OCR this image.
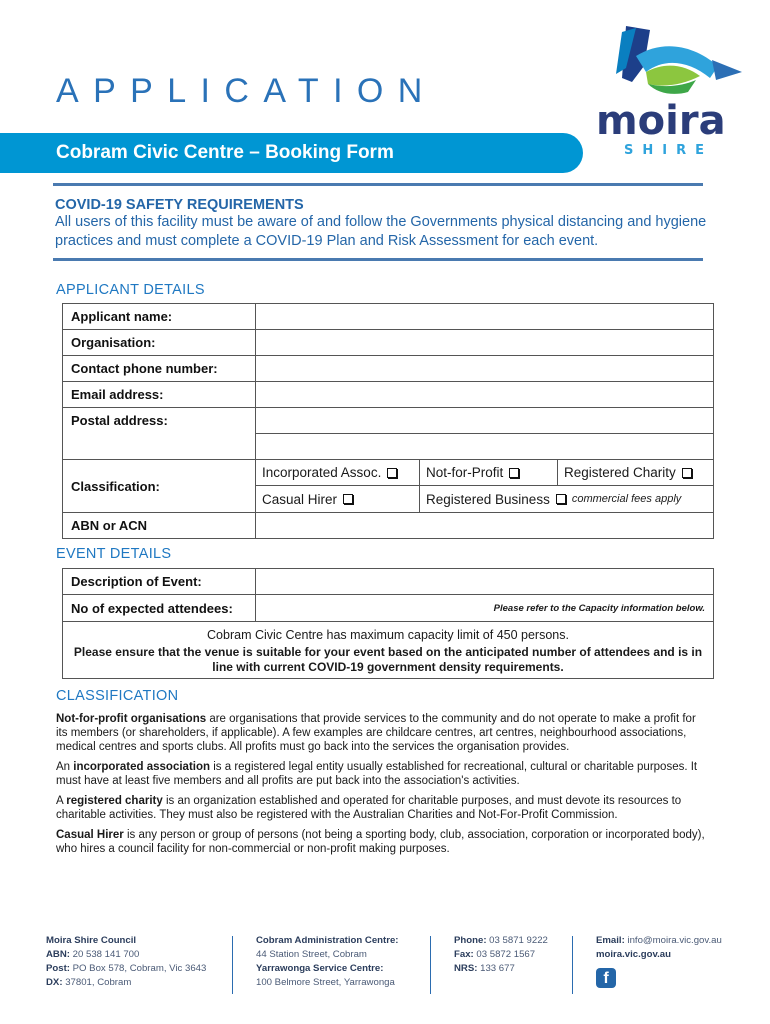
APPLICATION
Cobram Civic Centre – Booking Form
moira
SHIRE
COVID-19 SAFETY REQUIREMENTS
All users of this facility must be aware of and follow the Governments physical distancing and hygiene practices and must complete a COVID-19 Plan and Risk Assessment for each event.
APPLICANT DETAILS
Applicant name:
Organisation:
Contact phone number:
Email address:
Postal address:
Classification:
Incorporated Assoc.	Not-for-Profit	Registered Charity
Casual Hirer	Registered Business commercial fees apply
ABN or ACN
EVENT DETAILS
Description of Event:
No of expected attendees:	Please refer to the Capacity information below.
Cobram Civic Centre has maximum capacity limit of 450 persons.
Please ensure that the venue is suitable for your event based on the anticipated number of attendees and is in line with current COVID-19 government density requirements.
CLASSIFICATION

Not-for-profit organisations are organisations that provide services to the community and do not operate to make a profit for its members (or shareholders, if applicable). A few examples are childcare centres, art centres, neighbourhood associations, medical centres and sports clubs. All profits must go back into the services the organisation provides.

An incorporated association is a registered legal entity usually established for recreational, cultural or charitable purposes. It must have at least five members and all profits are put back into the association's activities.

A registered charity is an organization established and operated for charitable purposes, and must devote its resources to charitable activities. They must also be registered with the Australian Charities and Not-For-Profit Commission.

Casual Hirer is any person or group of persons (not being a sporting body, club, association, corporation or incorporated body), who hires a council facility for non-commercial or non-profit making purposes.

Moira Shire Council
ABN: 20 538 141 700
Post: PO Box 578, Cobram, Vic 3643
DX: 37801, Cobram
Cobram Administration Centre:
44 Station Street, Cobram
Yarrawonga Service Centre:
100 Belmore Street, Yarrawonga
Phone: 03 5871 9222
Fax: 03 5872 1567
NRS: 133 677
Email: info@moira.vic.gov.au
moira.vic.gov.au
f
